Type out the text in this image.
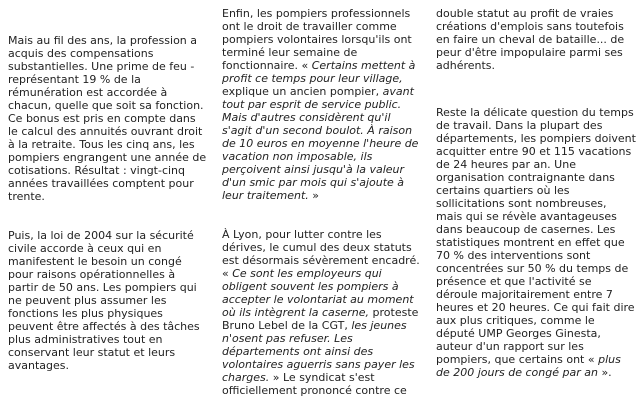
Mais au fil des ans, la profession a acquis des compensations substantielles. Une prime de feu - représentant 19 % de la rémunération est accordée à chacun, quelle que soit sa fonction. Ce bonus est pris en compte dans le calcul des annuités ouvrant droit à la retraite. Tous les cinq ans, les pompiers engrangent une année de cotisations. Résultat : vingt-cinq années travaillées comptent pour trente.

Puis, la loi de 2004 sur la sécurité civile accorde à ceux qui en manifestent le besoin un congé pour raisons opérationnelles à partir de 50 ans. Les pompiers qui ne peuvent plus assumer les fonctions les plus physiques peuvent être affectés à des tâches plus administratives tout en conservant leur statut et leurs avantages.

Enfin, les pompiers professionnels ont le droit de travailler comme pompiers volontaires lorsqu'ils ont terminé leur semaine de fonctionnaire. « Certains mettent à profit ce temps pour leur village, explique un ancien pompier, avant tout par esprit de service public. Mais d'autres considèrent qu'il s'agit d'un second boulot. À raison de 10 euros en moyenne l'heure de vacation non imposable, ils perçoivent ainsi jusqu'à la valeur d'un smic par mois qui s'ajoute à leur traitement. »

À Lyon, pour lutter contre les dérives, le cumul des deux statuts est désormais sévèrement encadré. « Ce sont les employeurs qui obligent souvent les pompiers à accepter le volontariat au moment où ils intègrent la caserne, proteste Bruno Lebel de la CGT, les jeunes n'osent pas refuser. Les départements ont ainsi des volontaires aguerris sans payer les charges. » Le syndicat s'est officiellement prononcé contre ce

double statut au profit de vraies créations d'emplois sans toutefois en faire un cheval de bataille... de peur d'être impopulaire parmi ses adhérents.

Reste la délicate question du temps de travail. Dans la plupart des départements, les pompiers doivent acquitter entre 90 et 115 vacations de 24 heures par an. Une organisation contraignante dans certains quartiers où les sollicitations sont nombreuses, mais qui se révèle avantageuses dans beaucoup de casernes. Les statistiques montrent en effet que 70 % des interventions sont concentrées sur 50 % du temps de présence et que l'activité se déroule majoritairement entre 7 heures et 20 heures. Ce qui fait dire aux plus critiques, comme le député UMP Georges Ginesta, auteur d'un rapport sur les pompiers, que certains ont « plus de 200 jours de congé par an ».
